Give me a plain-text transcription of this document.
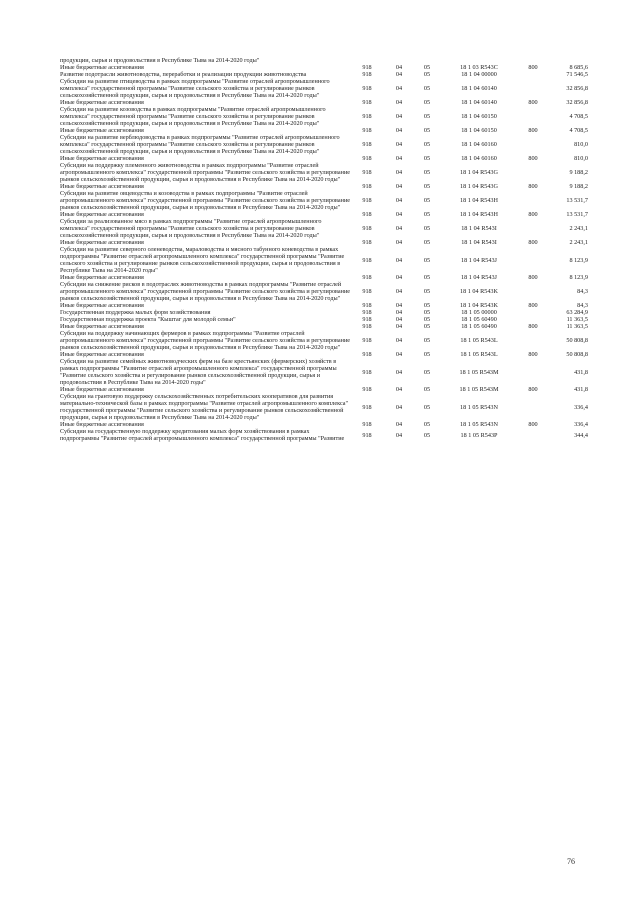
продукции, сырья и продовольствия в Республике Тыва на 2014-2020 годы"						
Иные бюджетные ассигнования	918	04	05	18 1 03 R543C	800	8 685,6
Развитие подотрасли животноводства, переработки и реализации продукции животноводства	918	04	05	18 1 04 00000		71 546,5
Субсидии на развитие птицеводства в рамках подпрограммы "Развитие отраслей агропромышленного комплекса" государственной программы "Развитие сельского хозяйства и регулирование рынков сельскохозяйственной продукции, сырья и продовольствия в Республике Тыва на 2014-2020 годы"	918	04	05	18 1 04 60140		32 856,8
Иные бюджетные ассигнования	918	04	05	18 1 04 60140	800	32 856,8
Субсидии на развитие козоводства в рамках подпрограммы "Развитие отраслей агропромышленного комплекса" государственной программы "Развитие сельского хозяйства и регулирование рынков сельскохозяйственной продукции, сырья и продовольствия в Республике Тыва на 2014-2020 годы"	918	04	05	18 1 04 60150		4 708,5
Иные бюджетные ассигнования	918	04	05	18 1 04 60150	800	4 708,5
Субсидии на развитие верблюдоводства в рамках подпрограммы "Развитие отраслей агропромышленного комплекса" государственной программы "Развитие сельского хозяйства и регулирование рынков сельскохозяйственной продукции, сырья и продовольствия в Республике Тыва на 2014-2020 годы"	918	04	05	18 1 04 60160		810,0
Иные бюджетные ассигнования	918	04	05	18 1 04 60160	800	810,0
Субсидии на поддержку племенного животноводства в рамках подпрограммы "Развитие отраслей агропромышленного комплекса" государственной программы "Развитие сельского хозяйства и регулирование рынков сельскохозяйственной продукции, сырья и продовольствия в Республике Тыва на 2014-2020 годы"	918	04	05	18 1 04 R543G		9 188,2
Иные бюджетные ассигнования	918	04	05	18 1 04 R543G	800	9 188,2
Субсидии на развитие овцеводства и козоводства в рамках подпрограммы "Развитие отраслей агропромышленного комплекса" государственной программы "Развитие сельского хозяйства и регулирование рынков сельскохозяйственной продукции, сырья и продовольствия в Республике Тыва на 2014-2020 годы"	918	04	05	18 1 04 R543H		13 531,7
Иные бюджетные ассигнования	918	04	05	18 1 04 R543H	800	13 531,7
Субсидии за реализованное мясо в рамках подпрограммы "Развитие отраслей агропромышленного комплекса" государственной программы "Развитие сельского хозяйства и регулирование рынков сельскохозяйственной продукции, сырья и продовольствия в Республике Тыва на 2014-2020 годы"	918	04	05	18 1 04 R543I		2 243,1
Иные бюджетные ассигнования	918	04	05	18 1 04 R543I	800	2 243,1
Субсидии на развитие северного оленеводства, мараловодства и мясного табунного коневодства в рамках подпрограммы "Развитие отраслей агропромышленного комплекса" государственной программы "Развитие сельского хозяйства и регулирование рынков сельскохозяйственной продукции, сырья и продовольствия в Республике Тыва на 2014-2020 годы"	918	04	05	18 1 04 R543J		8 123,9
Иные бюджетные ассигнования	918	04	05	18 1 04 R543J	800	8 123,9
Субсидии на снижение рисков в подотраслях животноводства в рамках подпрограммы "Развитие отраслей агропромышленного комплекса" государственной программы "Развитие сельского хозяйства и регулирование рынков сельскохозяйственной продукции, сырья и продовольствия в Республике Тыва на 2014-2020 годы"	918	04	05	18 1 04 R543K		84,3
Иные бюджетные ассигнования	918	04	05	18 1 04 R543K	800	84,3
Государственная поддержка малых форм хозяйствования	918	04	05	18 1 05 00000		63 284,9
Государственная поддержка проекта "Кыштаг для молодой семьи"	918	04	05	18 1 05 60490		11 363,5
Иные бюджетные ассигнования	918	04	05	18 1 05 60490	800	11 363,5
Субсидии на поддержку начинающих фермеров в рамках подпрограммы "Развитие отраслей агропромышленного комплекса" государственной программы "Развитие сельского хозяйства и регулирование рынков сельскохозяйственной продукции, сырья и продовольствия в Республике Тыва на 2014-2020 годы"	918	04	05	18 1 05 R543L		50 808,8
Иные бюджетные ассигнования	918	04	05	18 1 05 R543L	800	50 808,8
Субсидии на развитие семейных животноводческих ферм на базе крестьянских (фермерских) хозяйств в рамках подпрограммы "Развитие отраслей агропромышленного комплекса" государственной программы "Развитие сельского хозяйства и регулирование рынков сельскохозяйственной продукции, сырья и продовольствия в Республике Тыва на 2014-2020 годы"	918	04	05	18 1 05 R543M		431,8
Иные бюджетные ассигнования	918	04	05	18 1 05 R543M	800	431,8
Субсидии на грантовую поддержку сельскохозяйственных потребительских кооперативов для развития материально-технической базы в рамках подпрограммы "Развитие отраслей агропромышленного комплекса" государственной программы "Развитие сельского хозяйства и регулирование рынков сельскохозяйственной продукции, сырья и продовольствия в Республике Тыва на 2014-2020 годы"	918	04	05	18 1 05 R543N		336,4
Иные бюджетные ассигнования	918	04	05	18 1 05 R543N	800	336,4
Субсидии на государственную поддержку кредитования малых форм хозяйствования в рамках подпрограммы "Развитие отраслей агропромышленного комплекса" государственной программы "Развитие	918	04	05	18 1 05 R543P		344,4
76
